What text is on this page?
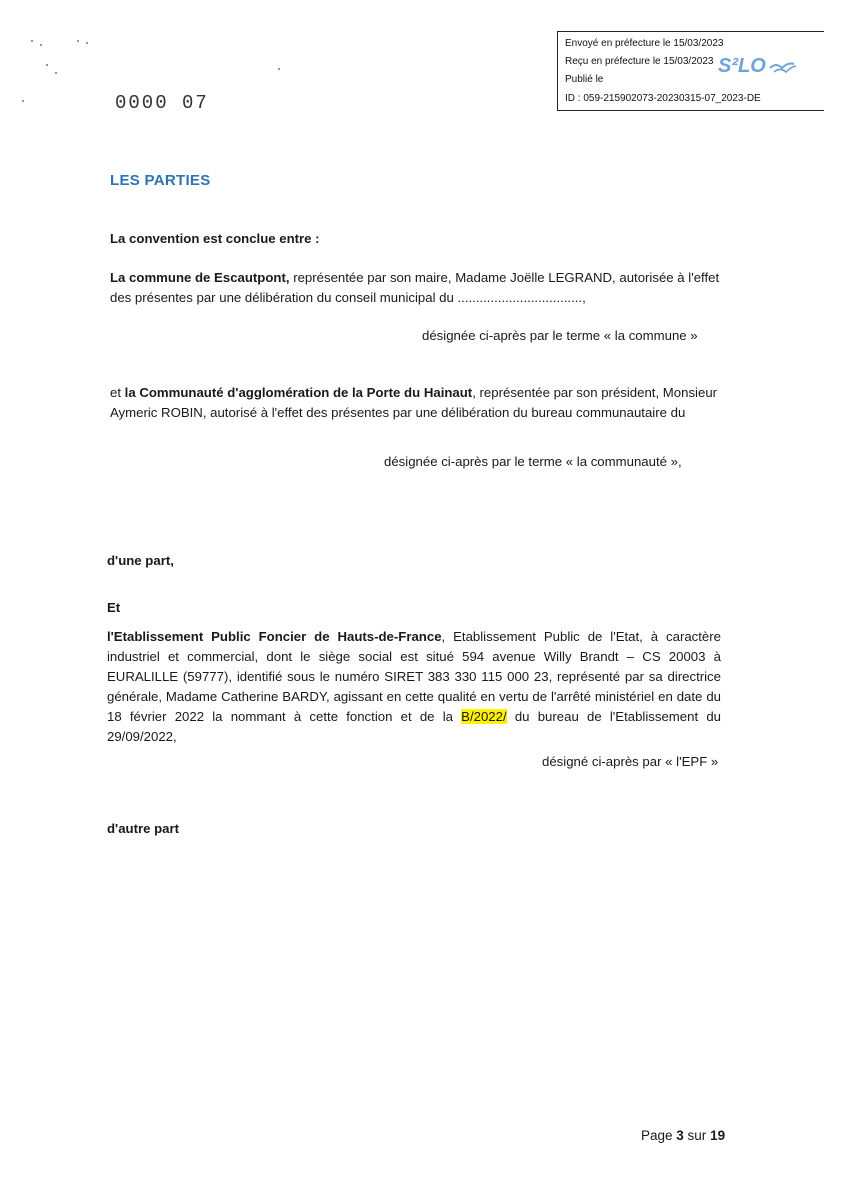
Envoyé en préfecture le 15/03/2023
Reçu en préfecture le 15/03/2023
Publié le
ID : 059-215902073-20230315-07_2023-DE
S²LO
0000 07
LES PARTIES
La convention est conclue entre :
La commune de Escautpont, représentée par son maire, Madame Joëlle LEGRAND, autorisée à l'effet
des présentes par une délibération du conseil municipal du ..................................,
désignée ci-après par le terme « la commune »
et la Communauté d'agglomération de la Porte du Hainaut, représentée par son président, Monsieur
Aymeric ROBIN, autorisé à l'effet des présentes par une délibération du bureau communautaire du
désignée ci-après par le terme « la communauté »,
d'une part,
Et
l'Etablissement Public Foncier de Hauts-de-France, Etablissement Public de l'Etat, à caractère industriel et commercial, dont le siège social est situé 594 avenue Willy Brandt – CS 20003 à EURALILLE (59777), identifié sous le numéro SIRET 383 330 115 000 23, représenté par sa directrice générale, Madame Catherine BARDY, agissant en cette qualité en vertu de l'arrêté ministériel en date du 18 février 2022 la nommant à cette fonction et de la B/2022/ du bureau de l'Etablissement du 29/09/2022,
désigné ci-après par « l'EPF »
d'autre part
Page 3 sur 19
